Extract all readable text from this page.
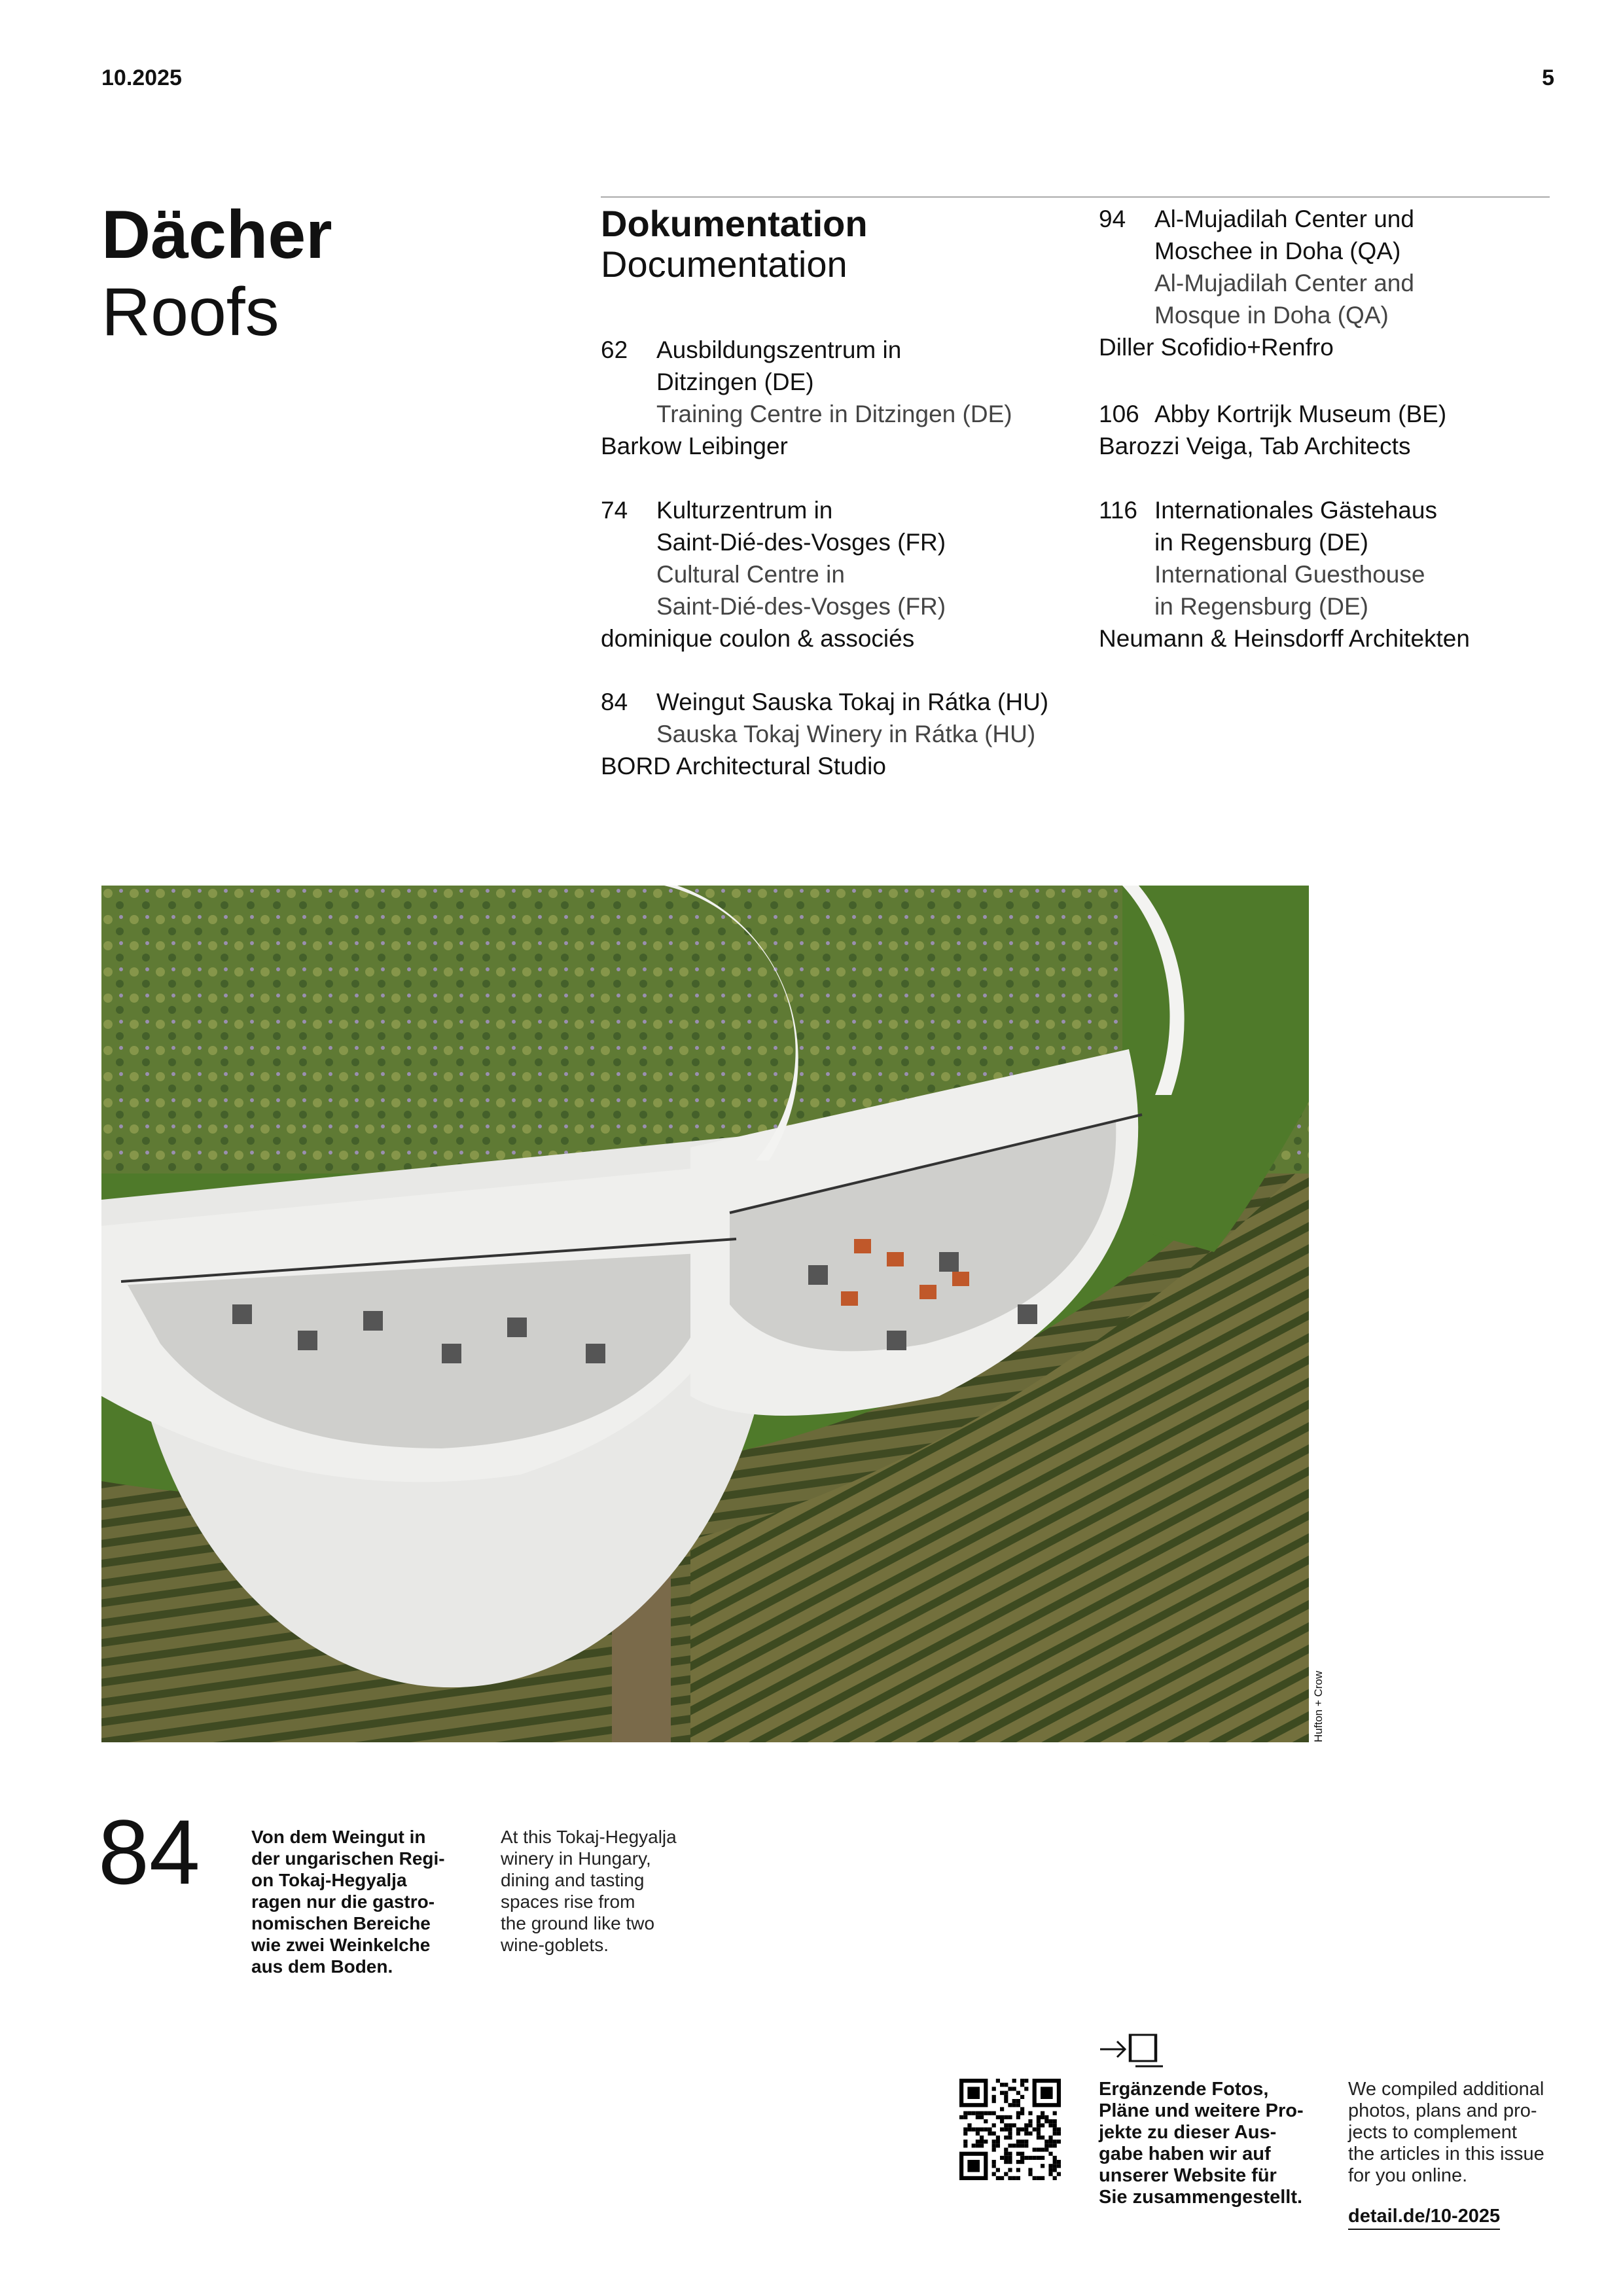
10.2025	5
Dächer
Roofs
Dokumentation
Documentation
62	Ausbildungszentrum in
Ditzingen (DE)
Training Centre in Ditzingen (DE)
Barkow Leibinger
74	Kulturzentrum in
Saint-Dié-des-Vosges (FR)
Cultural Centre in
Saint-Dié-des-Vosges (FR)
dominique coulon & associés
84	Weingut Sauska Tokaj in Rátka (HU)
Sauska Tokaj Winery in Rátka (HU)
BORD Architectural Studio
94	Al-Mujadilah Center und
Moschee in Doha (QA)
Al-Mujadilah Center and
Mosque in Doha (QA)
Diller Scofidio+Renfro
106 Abby Kortrijk Museum (BE)
Barozzi Veiga, Tab Architects
116 Internationales Gästehaus
in Regensburg (DE)
International Guesthouse
in Regensburg (DE)
Neumann & Heinsdorff Architekten
Hufton + Crow
84	Von dem Weingut in
der ungarischen Regi-
on Tokaj-Hegyalja
ragen nur die gastro-
nomischen Bereiche
wie zwei Weinkelche
aus dem Boden.
At this Tokaj-Hegyalja
winery in Hungary,
dining and tasting
spaces rise from
the ground like two
wine-goblets.
Ergänzende Fotos,
Pläne und weitere Pro-
jekte zu dieser Aus-
gabe haben wir auf
unserer Website für
Sie zusammengestellt.
We compiled additional
photos, plans and pro-
jects to complement
the articles in this issue
for you online.
detail.de/10-2025
